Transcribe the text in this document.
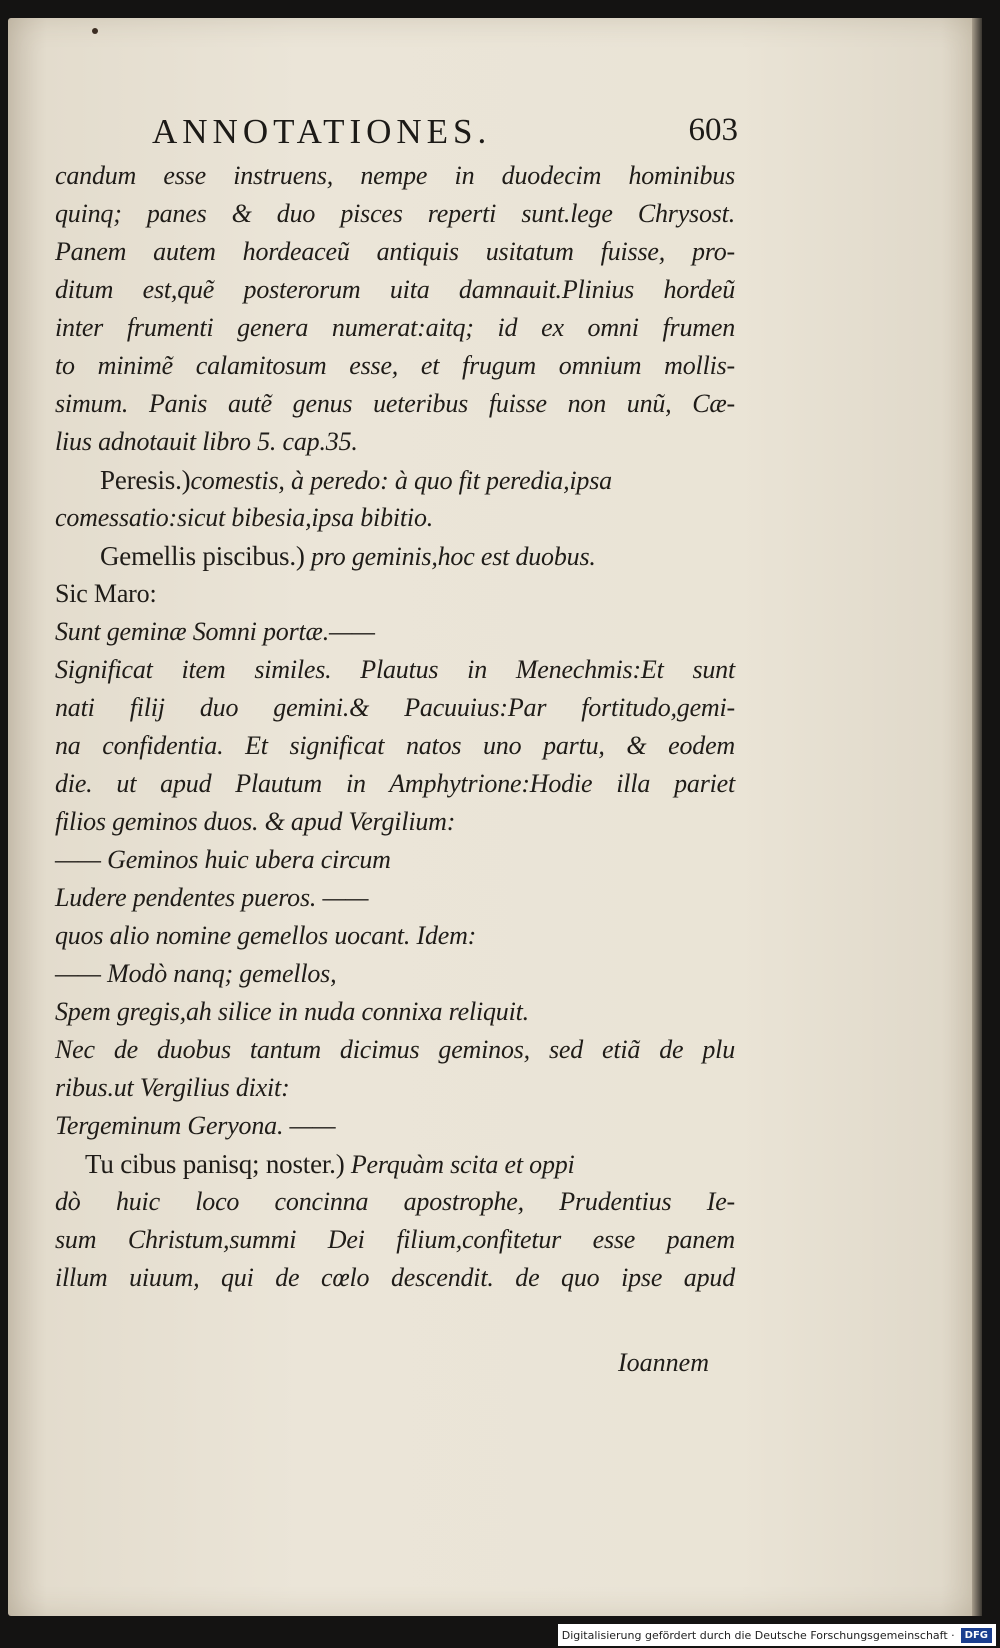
ANNOTATIONES.	603
candum esse instruens, nempe in duodecim hominibus
quinq; panes & duo pisces reperti sunt.lege Chrysost.
Panem autem hordeaceũ antiquis usitatum fuisse, pro-
ditum est,quẽ posterorum uita damnauit.Plinius hordeũ
inter frumenti genera numerat:aitq; id ex omni frumen
to minimẽ calamitosum esse, et frugum omnium mollis-
simum. Panis autẽ genus ueteribus fuisse non unũ, Cæ-
lius adnotauit libro 5. cap.35.
Peresis.)comestis, à peredo: à quo fit peredia,ipsa
comessatio:sicut bibesia,ipsa bibitio.
Gemellis piscibus.) pro geminis,hoc est duobus.
Sic Maro:
Sunt geminæ Somni portæ.——
Significat item similes. Plautus in Menechmis:Et sunt
nati filij duo gemini.& Pacuuius:Par fortitudo,gemi-
na confidentia. Et significat natos uno partu, & eodem
die. ut apud Plautum in Amphytrione:Hodie illa pariet
filios geminos duos. & apud Vergilium:
—— Geminos huic ubera circum
Ludere pendentes pueros. ——
quos alio nomine gemellos uocant. Idem:
—— Modò nanq; gemellos,
Spem gregis,ah silice in nuda connixa reliquit.
Nec de duobus tantum dicimus geminos, sed etiã de plu
ribus.ut Vergilius dixit:
Tergeminum Geryona. ——
Tu cibus panisq; noster.) Perquàm scita et oppi
dò huic loco concinna apostrophe, Prudentius Ie-
sum Christum,summi Dei filium,confitetur esse panem
illum uiuum, qui de cœlo descendit. de quo ipse apud
Ioannem
Digitalisierung gefördert durch die Deutsche Forschungsgemeinschaft ·	DFG
